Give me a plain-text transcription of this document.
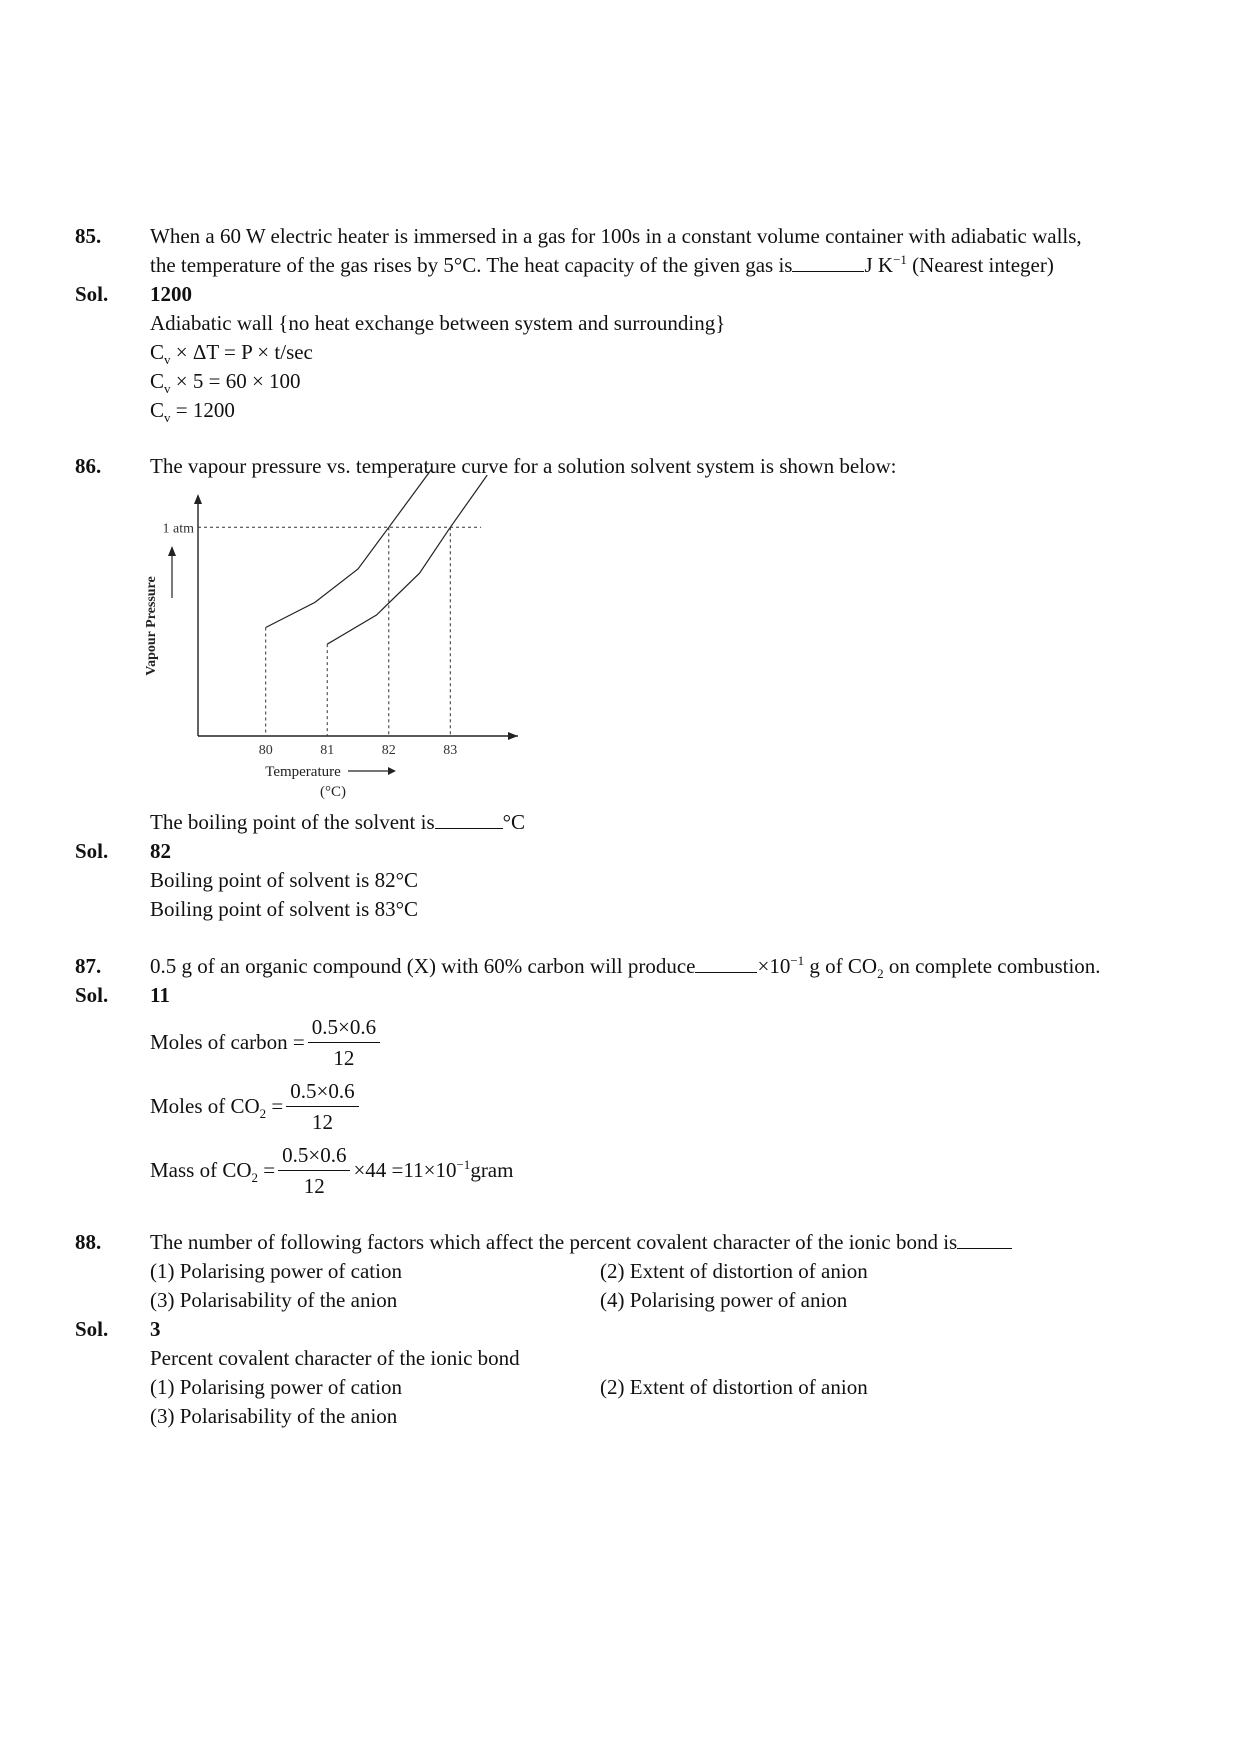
85. When a 60 W electric heater is immersed in a gas for 100s in a constant volume container with adiabatic walls,
the temperature of the gas rises by 5°C. The heat capacity of the given gas is	J $K^{-1}$ (Nearest integer)
Sol. 1200
Adiabatic wall {no heat exchange between system and surrounding}
$C_v \times \Delta T = P \times t/\sec$
$C_v \times 5 = 60 \times 100$
$C_v = 1200$
86. The vapour pressure vs. temperature curve for a solution solvent system is shown below:
1 atm
80	81	82	83
Temperature
(°C)
Vapour Pressure
The boiling point of the solvent is	°C
Sol. 82
Boiling point of solvent is 82°C
Boiling point of solvent is 83°C
87. 0.5 g of an organic compound (X) with 60% carbon will produce	$\times 10^{-1}$ g of $CO_2$ on complete combustion.
Sol. 11
Moles of carbon = $\frac{0.5\times 0.6}{12}$
Moles of $CO_2 = \frac{0.5\times 0.6}{12}$
Mass of $CO_2 = \frac{0.5\times 0.6}{12} \times 44$ $=11\times 10^{-1}gram$
88. The number of following factors which affect the percent covalent character of the ionic bond is
(1) Polarising power of cation	(2) Extent of distortion of anion
(3) Polarisability of the anion	(4) Polarising power of anion
Sol. 3
Percent covalent character of the ionic bond
(1) Polarising power of cation	(2) Extent of distortion of anion
(3) Polarisability of the anion
